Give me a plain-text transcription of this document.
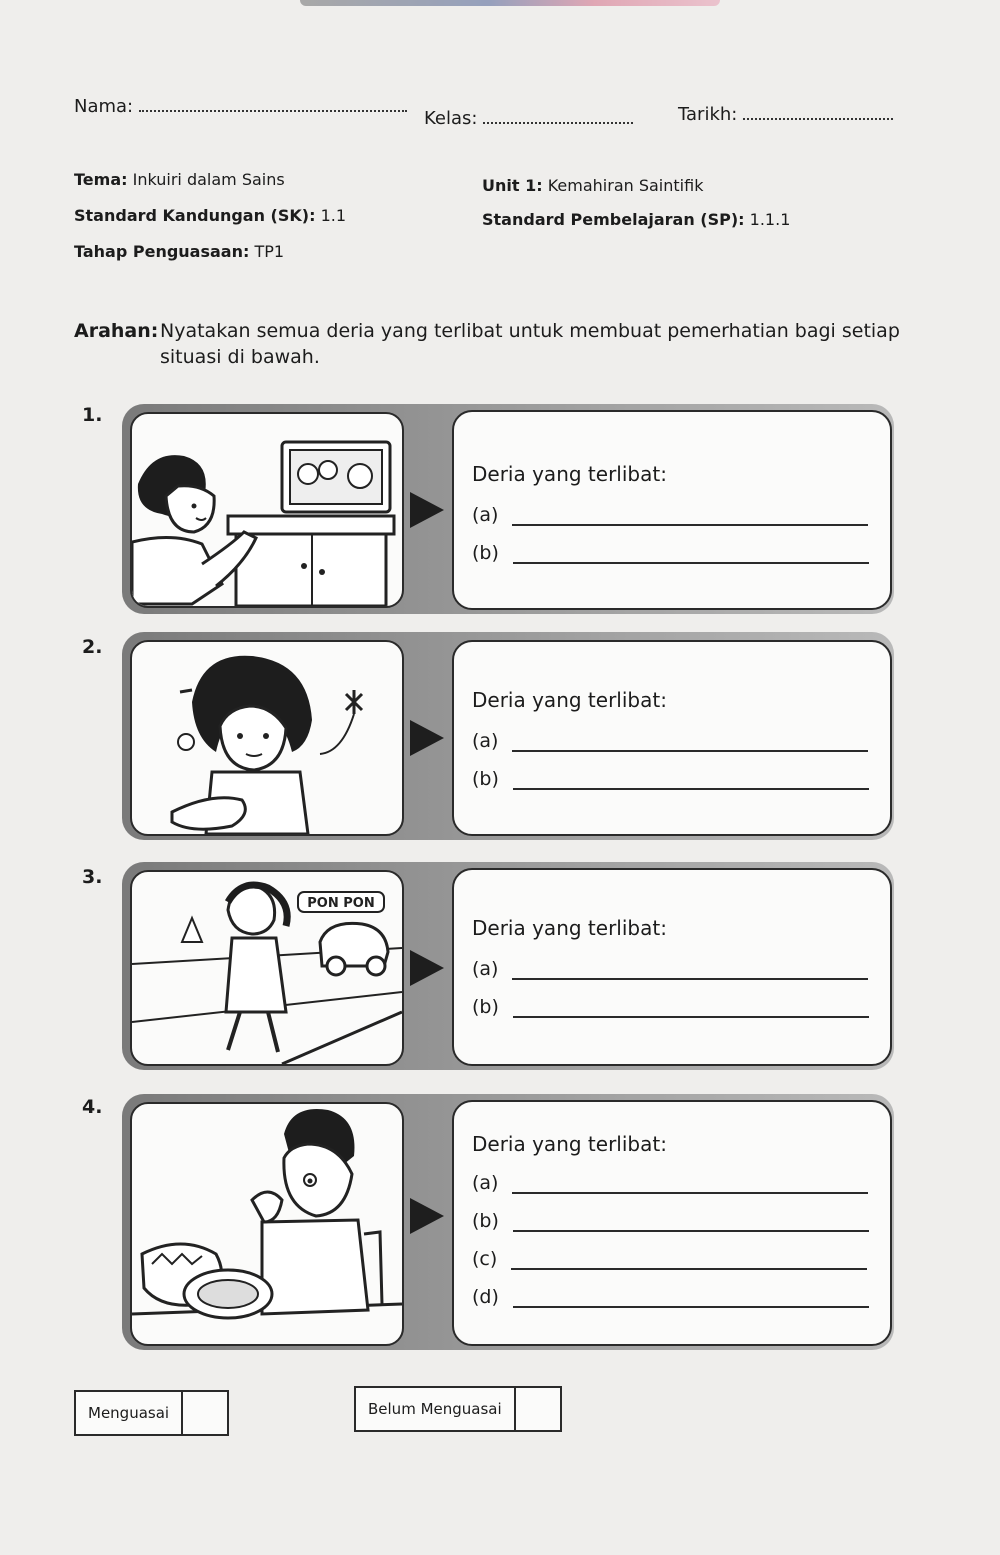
Nama:
Kelas:	Tarikh:
Tema: Inkuiri dalam Sains	Unit 1: Kemahiran Saintifik
Standard Kandungan (SK): 1.1	Standard Pembelajaran (SP): 1.1.1
Tahap Penguasaan: TP1
Arahan: Nyatakan semua deria yang terlibat untuk membuat pemerhatian bagi setiap situasi di bawah.
1.
Deria yang terlibat:
(a)
(b)
2.
Deria yang terlibat:
(a)
(b)
3.
PON PON
Deria yang terlibat:
(a)
(b)
4.
Deria yang terlibat:
(a)
(b)
(c)
(d)
Menguasai	Belum Menguasai
